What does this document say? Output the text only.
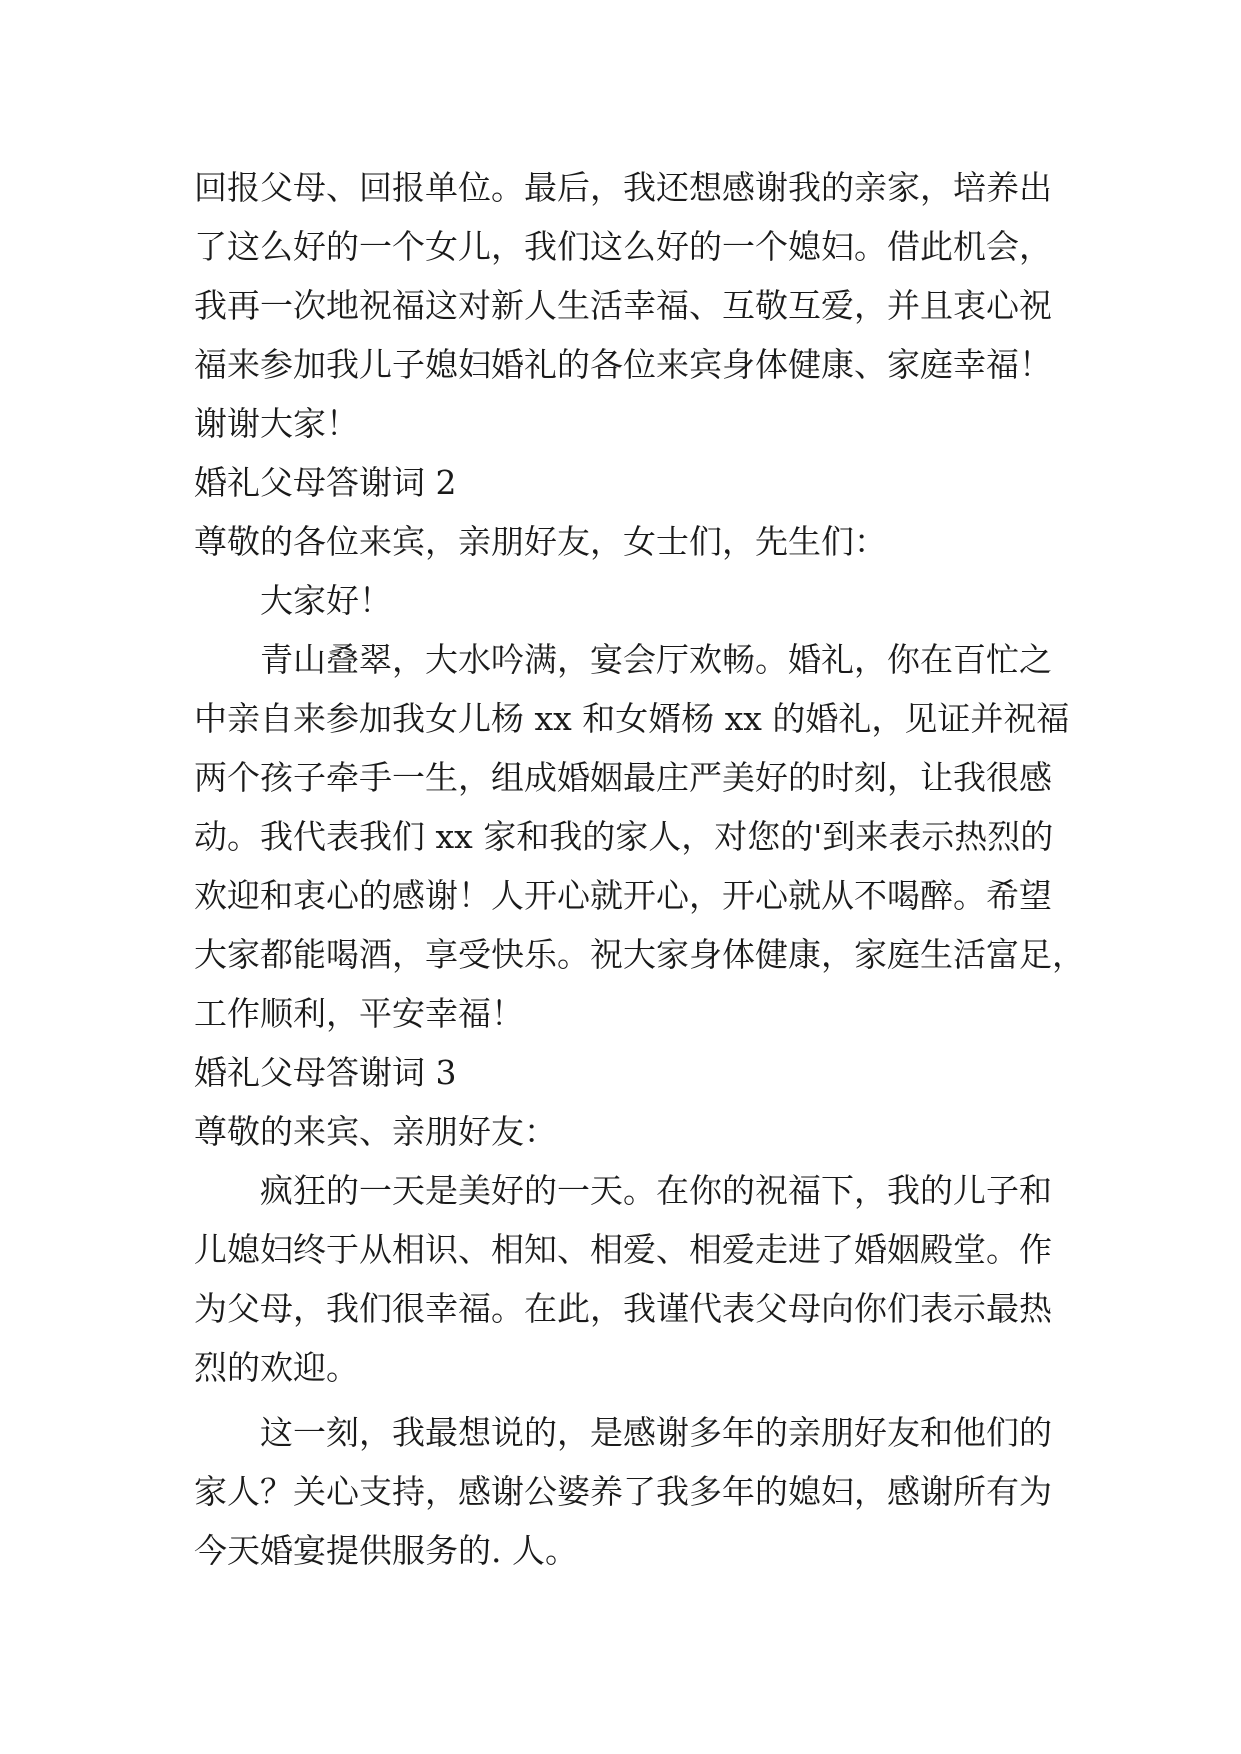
回报父母、回报单位。最后，我还想感谢我的亲家，培养出
了这么好的一个女儿，我们这么好的一个媳妇。借此机会，
我再一次地祝福这对新人生活幸福、互敬互爱，并且衷心祝
福来参加我儿子媳妇婚礼的各位来宾身体健康、家庭幸福！
谢谢大家！
婚礼父母答谢词 2
尊敬的各位来宾，亲朋好友，女士们，先生们：
大家好！
青山叠翠，大水吟满，宴会厅欢畅。婚礼，你在百忙之
中亲自来参加我女儿杨 xx 和女婿杨 xx 的婚礼，见证并祝福
两个孩子牵手一生，组成婚姻最庄严美好的时刻，让我很感
动。我代表我们 xx 家和我的家人，对您的'到来表示热烈的
欢迎和衷心的感谢！人开心就开心，开心就从不喝醉。希望
大家都能喝酒，享受快乐。祝大家身体健康，家庭生活富足，
工作顺利，平安幸福！
婚礼父母答谢词 3
尊敬的来宾、亲朋好友：
疯狂的一天是美好的一天。在你的祝福下，我的儿子和
儿媳妇终于从相识、相知、相爱、相爱走进了婚姻殿堂。作
为父母，我们很幸福。在此，我谨代表父母向你们表示最热
烈的欢迎。
这一刻，我最想说的，是感谢多年的亲朋好友和他们的
家人？关心支持，感谢公婆养了我多年的媳妇，感谢所有为
今天婚宴提供服务的. 人。
